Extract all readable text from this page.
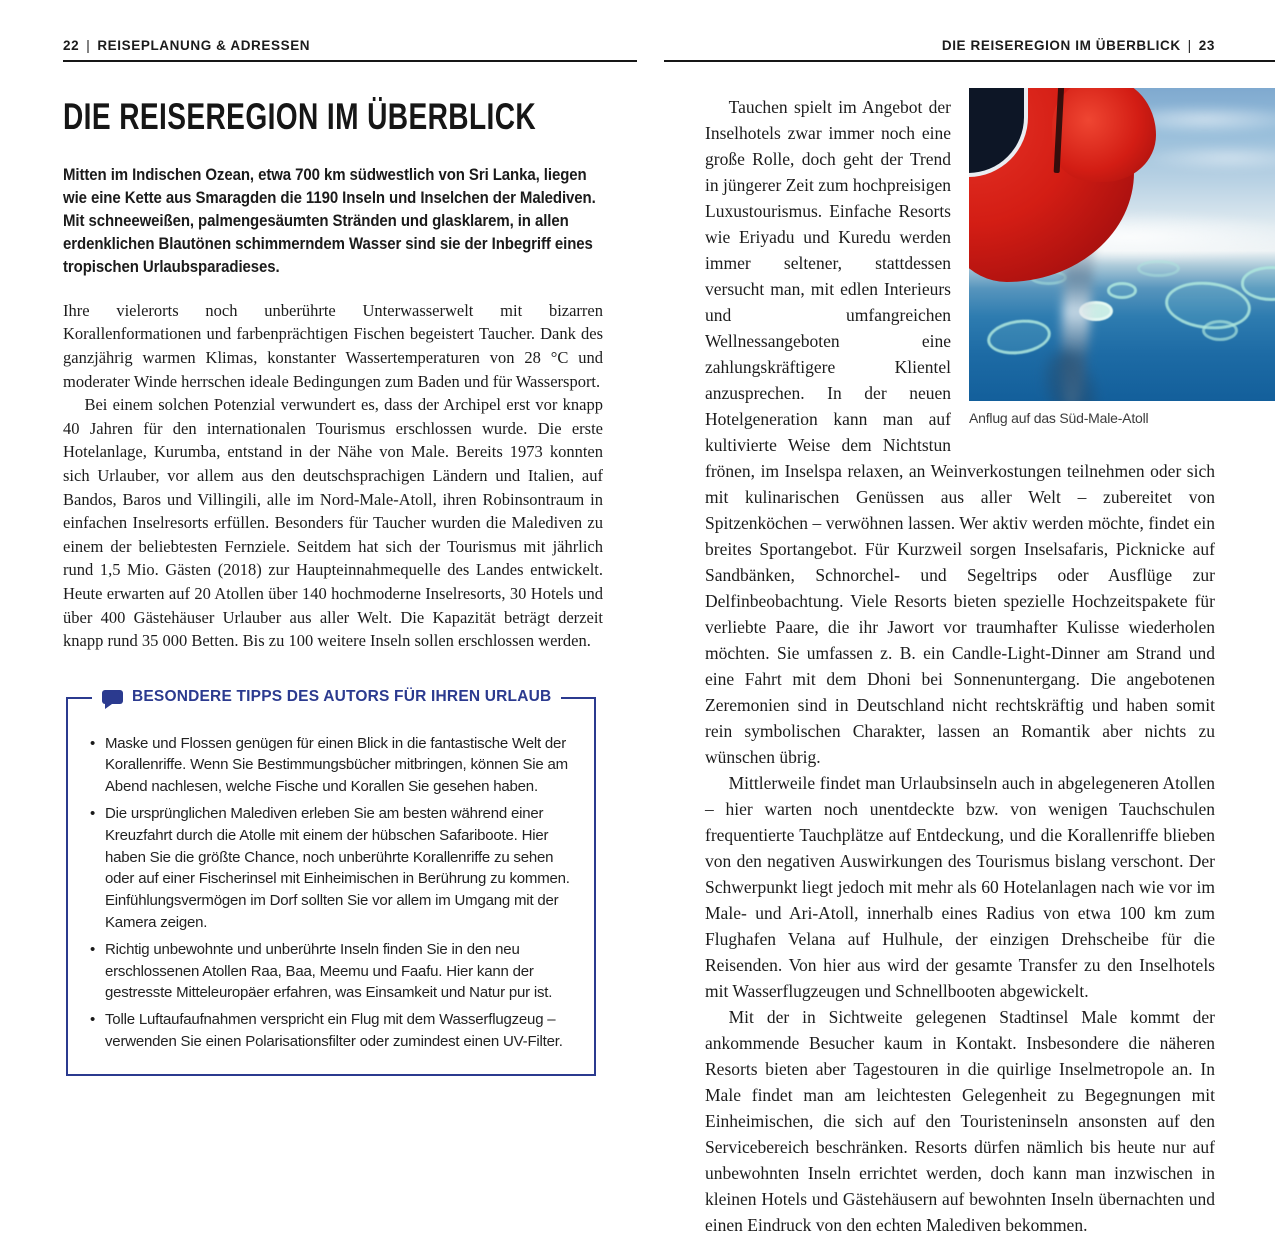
22 | REISEPLANUNG & ADRESSEN
DIE REISEREGION IM ÜBERBLICK

Mitten im Indischen Ozean, etwa 700 km südwestlich von Sri Lanka, liegen wie eine Kette aus Smaragden die 1190 Inseln und Inselchen der Malediven. Mit schneeweißen, palmengesäumten Stränden und glasklarem, in allen erdenklichen Blautönen schimmerndem Wasser sind sie der Inbegriff eines tropischen Urlaubsparadieses.

Ihre vielerorts noch unberührte Unterwasserwelt mit bizarren Korallenformationen und farbenprächtigen Fischen begeistert Taucher. Dank des ganzjährig warmen Klimas, konstanter Wassertemperaturen von 28 °C und moderater Winde herrschen ideale Bedingungen zum Baden und für Wassersport.

Bei einem solchen Potenzial verwundert es, dass der Archipel erst vor knapp 40 Jahren für den internationalen Tourismus erschlossen wurde. Die erste Hotelanlage, Kurumba, entstand in der Nähe von Male. Bereits 1973 konnten sich Urlauber, vor allem aus den deutschsprachigen Ländern und Italien, auf Bandos, Baros und Villingili, alle im Nord-Male-Atoll, ihren Robinsontraum in einfachen Inselresorts erfüllen. Besonders für Taucher wurden die Malediven zu einem der beliebtesten Fernziele. Seitdem hat sich der Tourismus mit jährlich rund 1,5 Mio. Gästen (2018) zur Haupteinnahmequelle des Landes entwickelt. Heute erwarten auf 20 Atollen über 140 hochmoderne Inselresorts, 30 Hotels und über 400 Gästehäuser Urlauber aus aller Welt. Die Kapazität beträgt derzeit knapp rund 35 000 Betten. Bis zu 100 weitere Inseln sollen erschlossen werden.

BESONDERE TIPPS DES AUTORS FÜR IHREN URLAUB
• Maske und Flossen genügen für einen Blick in die fantastische Welt der Korallenriffe. Wenn Sie Bestimmungsbücher mitbringen, können Sie am Abend nachlesen, welche Fische und Korallen Sie gesehen haben.
• Die ursprünglichen Malediven erleben Sie am besten während einer Kreuzfahrt durch die Atolle mit einem der hübschen Safariboote. Hier haben Sie die größte Chance, noch unberührte Korallenriffe zu sehen oder auf einer Fischerinsel mit Einheimischen in Berührung zu kommen. Einfühlungsvermögen im Dorf sollten Sie vor allem im Umgang mit der Kamera zeigen.
• Richtig unbewohnte und unberührte Inseln finden Sie in den neu erschlossenen Atollen Raa, Baa, Meemu und Faafu. Hier kann der gestresste Mitteleuropäer erfahren, was Einsamkeit und Natur pur ist.
• Tolle Luftaufaufnahmen verspricht ein Flug mit dem Wasserflugzeug – verwenden Sie einen Polarisationsfilter oder zumindest einen UV-Filter.
DIE REISEREGION IM ÜBERBLICK | 23
Anflug auf das Süd-Male-Atoll

Tauchen spielt im Angebot der Inselhotels zwar immer noch eine große Rolle, doch geht der Trend in jüngerer Zeit zum hochpreisigen Luxustourismus. Einfache Resorts wie Eriyadu und Kuredu werden immer seltener, stattdessen versucht man, mit edlen Interieurs und umfangreichen Wellnessangeboten eine zahlungskräftigere Klientel anzusprechen. In der neuen Hotelgeneration kann man auf kultivierte Weise dem Nichtstun frönen, im Inselspa relaxen, an Weinverkostungen teilnehmen oder sich mit kulinarischen Genüssen aus aller Welt – zubereitet von Spitzenköchen – verwöhnen lassen. Wer aktiv werden möchte, findet ein breites Sportangebot. Für Kurzweil sorgen Inselsafaris, Picknicke auf Sandbänken, Schnorchel- und Segeltrips oder Ausflüge zur Delfinbeobachtung. Viele Resorts bieten spezielle Hochzeitspakete für verliebte Paare, die ihr Jawort vor traumhafter Kulisse wiederholen möchten. Sie umfassen z. B. ein Candle-Light-Dinner am Strand und eine Fahrt mit dem Dhoni bei Sonnenuntergang. Die angebotenen Zeremonien sind in Deutschland nicht rechtskräftig und haben somit rein symbolischen Charakter, lassen an Romantik aber nichts zu wünschen übrig.

Mittlerweile findet man Urlaubsinseln auch in abgelegeneren Atollen – hier warten noch unentdeckte bzw. von wenigen Tauchschulen frequentierte Tauchplätze auf Entdeckung, und die Korallenriffe blieben von den negativen Auswirkungen des Tourismus bislang verschont. Der Schwerpunkt liegt jedoch mit mehr als 60 Hotelanlagen nach wie vor im Male- und Ari-Atoll, innerhalb eines Radius von etwa 100 km zum Flughafen Velana auf Hulhule, der einzigen Drehscheibe für die Reisenden. Von hier aus wird der gesamte Transfer zu den Inselhotels mit Wasserflugzeugen und Schnellbooten abgewickelt.

Mit der in Sichtweite gelegenen Stadtinsel Male kommt der ankommende Besucher kaum in Kontakt. Insbesondere die näheren Resorts bieten aber Tagestouren in die quirlige Inselmetropole an. In Male findet man am leichtesten Gelegenheit zu Begegnungen mit Einheimischen, die sich auf den Touristeninseln ansonsten auf den Servicebereich beschränken. Resorts dürfen nämlich bis heute nur auf unbewohnten Inseln errichtet werden, doch kann man inzwischen in kleinen Hotels und Gästehäusern auf bewohnten Inseln übernachten und einen Eindruck von den echten Malediven bekommen.
